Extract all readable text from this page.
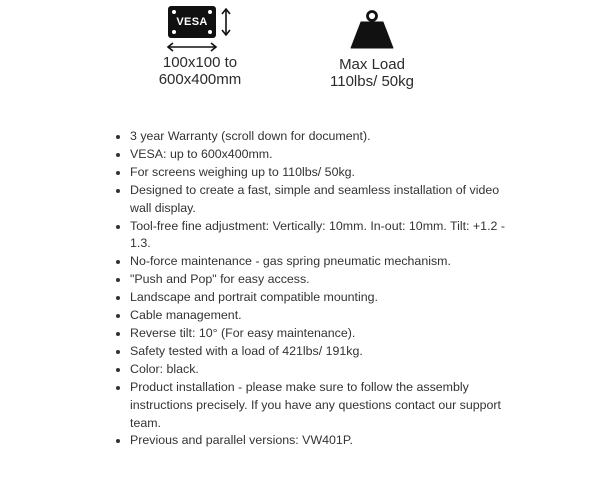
VESA
100x100 to
600x400mm
Max Load
110lbs/ 50kg
• 3 year Warranty (scroll down for document).
• VESA: up to 600x400mm.
• For screens weighing up to 110lbs/ 50kg.
• Designed to create a fast, simple and seamless installation of video wall display.
• Tool-free fine adjustment: Vertically: 10mm. In-out: 10mm. Tilt: +1.2 - 1.3.
• No-force maintenance - gas spring pneumatic mechanism.
• "Push and Pop" for easy access.
• Landscape and portrait compatible mounting.
• Cable management.
• Reverse tilt: 10° (For easy maintenance).
• Safety tested with a load of 421lbs/ 191kg.
• Color: black.
• Product installation - please make sure to follow the assembly instructions precisely. If you have any questions contact our support team.
• Previous and parallel versions: VW401P.
